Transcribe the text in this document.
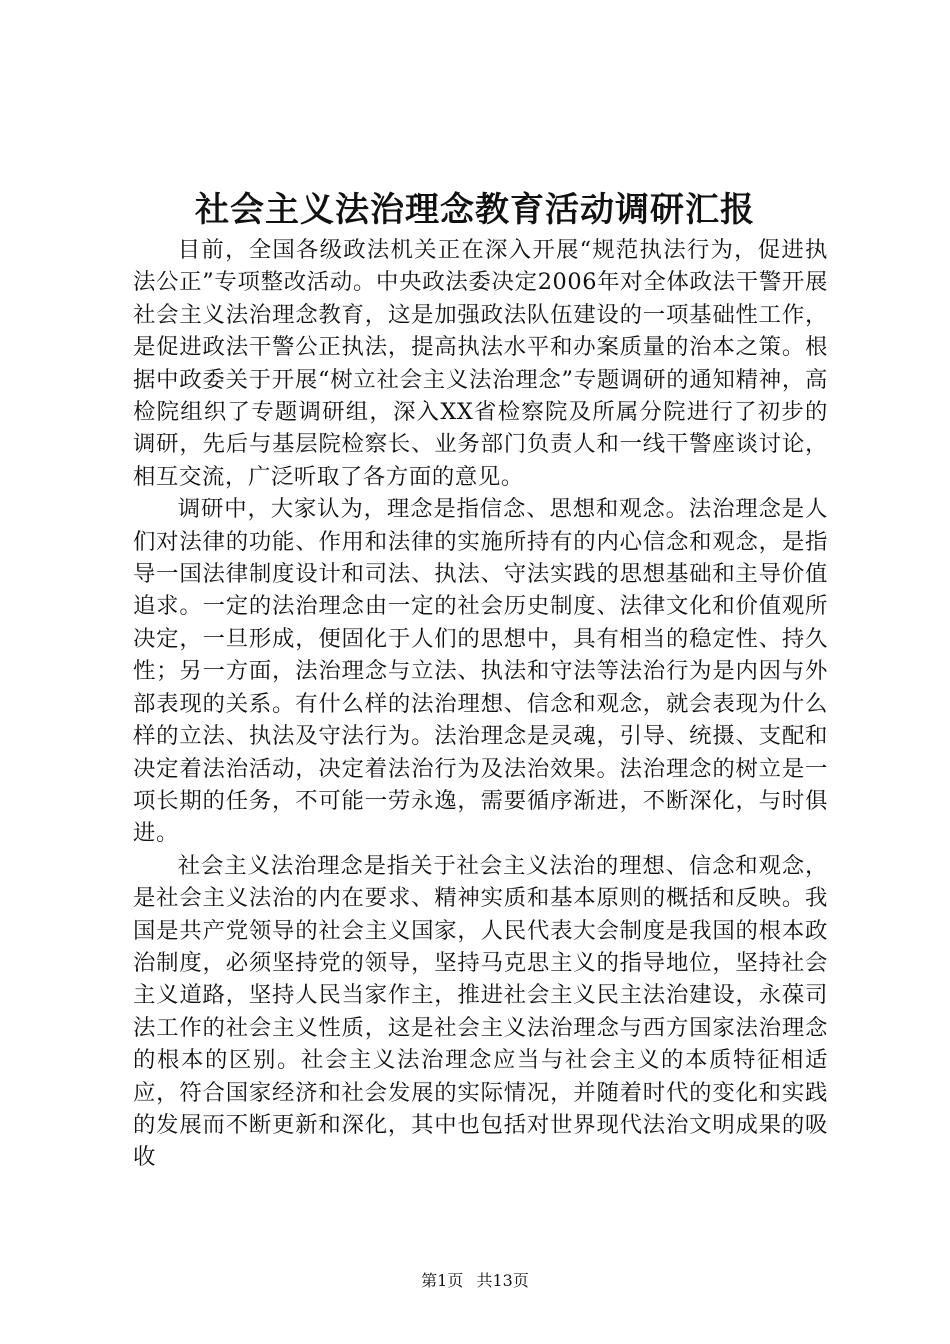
社会主义法治理念教育活动调研汇报

目前，全国各级政法机关正在深入开展“规范执法行为，促进执法公正”专项整改活动。中央政法委决定2006年对全体政法干警开展社会主义法治理念教育，这是加强政法队伍建设的一项基础性工作，是促进政法干警公正执法，提高执法水平和办案质量的治本之策。根据中政委关于开展“树立社会主义法治理念”专题调研的通知精神，高检院组织了专题调研组，深入XX省检察院及所属分院进行了初步的调研，先后与基层院检察长、业务部门负责人和一线干警座谈讨论，相互交流，广泛听取了各方面的意见。

调研中，大家认为，理念是指信念、思想和观念。法治理念是人们对法律的功能、作用和法律的实施所持有的内心信念和观念，是指导一国法律制度设计和司法、执法、守法实践的思想基础和主导价值追求。一定的法治理念由一定的社会历史制度、法律文化和价值观所决定，一旦形成，便固化于人们的思想中，具有相当的稳定性、持久性；另一方面，法治理念与立法、执法和守法等法治行为是内因与外部表现的关系。有什么样的法治理想、信念和观念，就会表现为什么样的立法、执法及守法行为。法治理念是灵魂，引导、统摄、支配和决定着法治活动，决定着法治行为及法治效果。法治理念的树立是一项长期的任务，不可能一劳永逸，需要循序渐进，不断深化，与时俱进。

社会主义法治理念是指关于社会主义法治的理想、信念和观念，是社会主义法治的内在要求、精神实质和基本原则的概括和反映。我国是共产党领导的社会主义国家，人民代表大会制度是我国的根本政治制度，必须坚持党的领导，坚持马克思主义的指导地位，坚持社会主义道路，坚持人民当家作主，推进社会主义民主法治建设，永葆司法工作的社会主义性质，这是社会主义法治理念与西方国家法治理念的根本的区别。社会主义法治理念应当与社会主义的本质特征相适应，符合国家经济和社会发展的实际情况，并随着时代的变化和实践的发展而不断更新和深化，其中也包括对世界现代法治文明成果的吸收

第1页 共13页
